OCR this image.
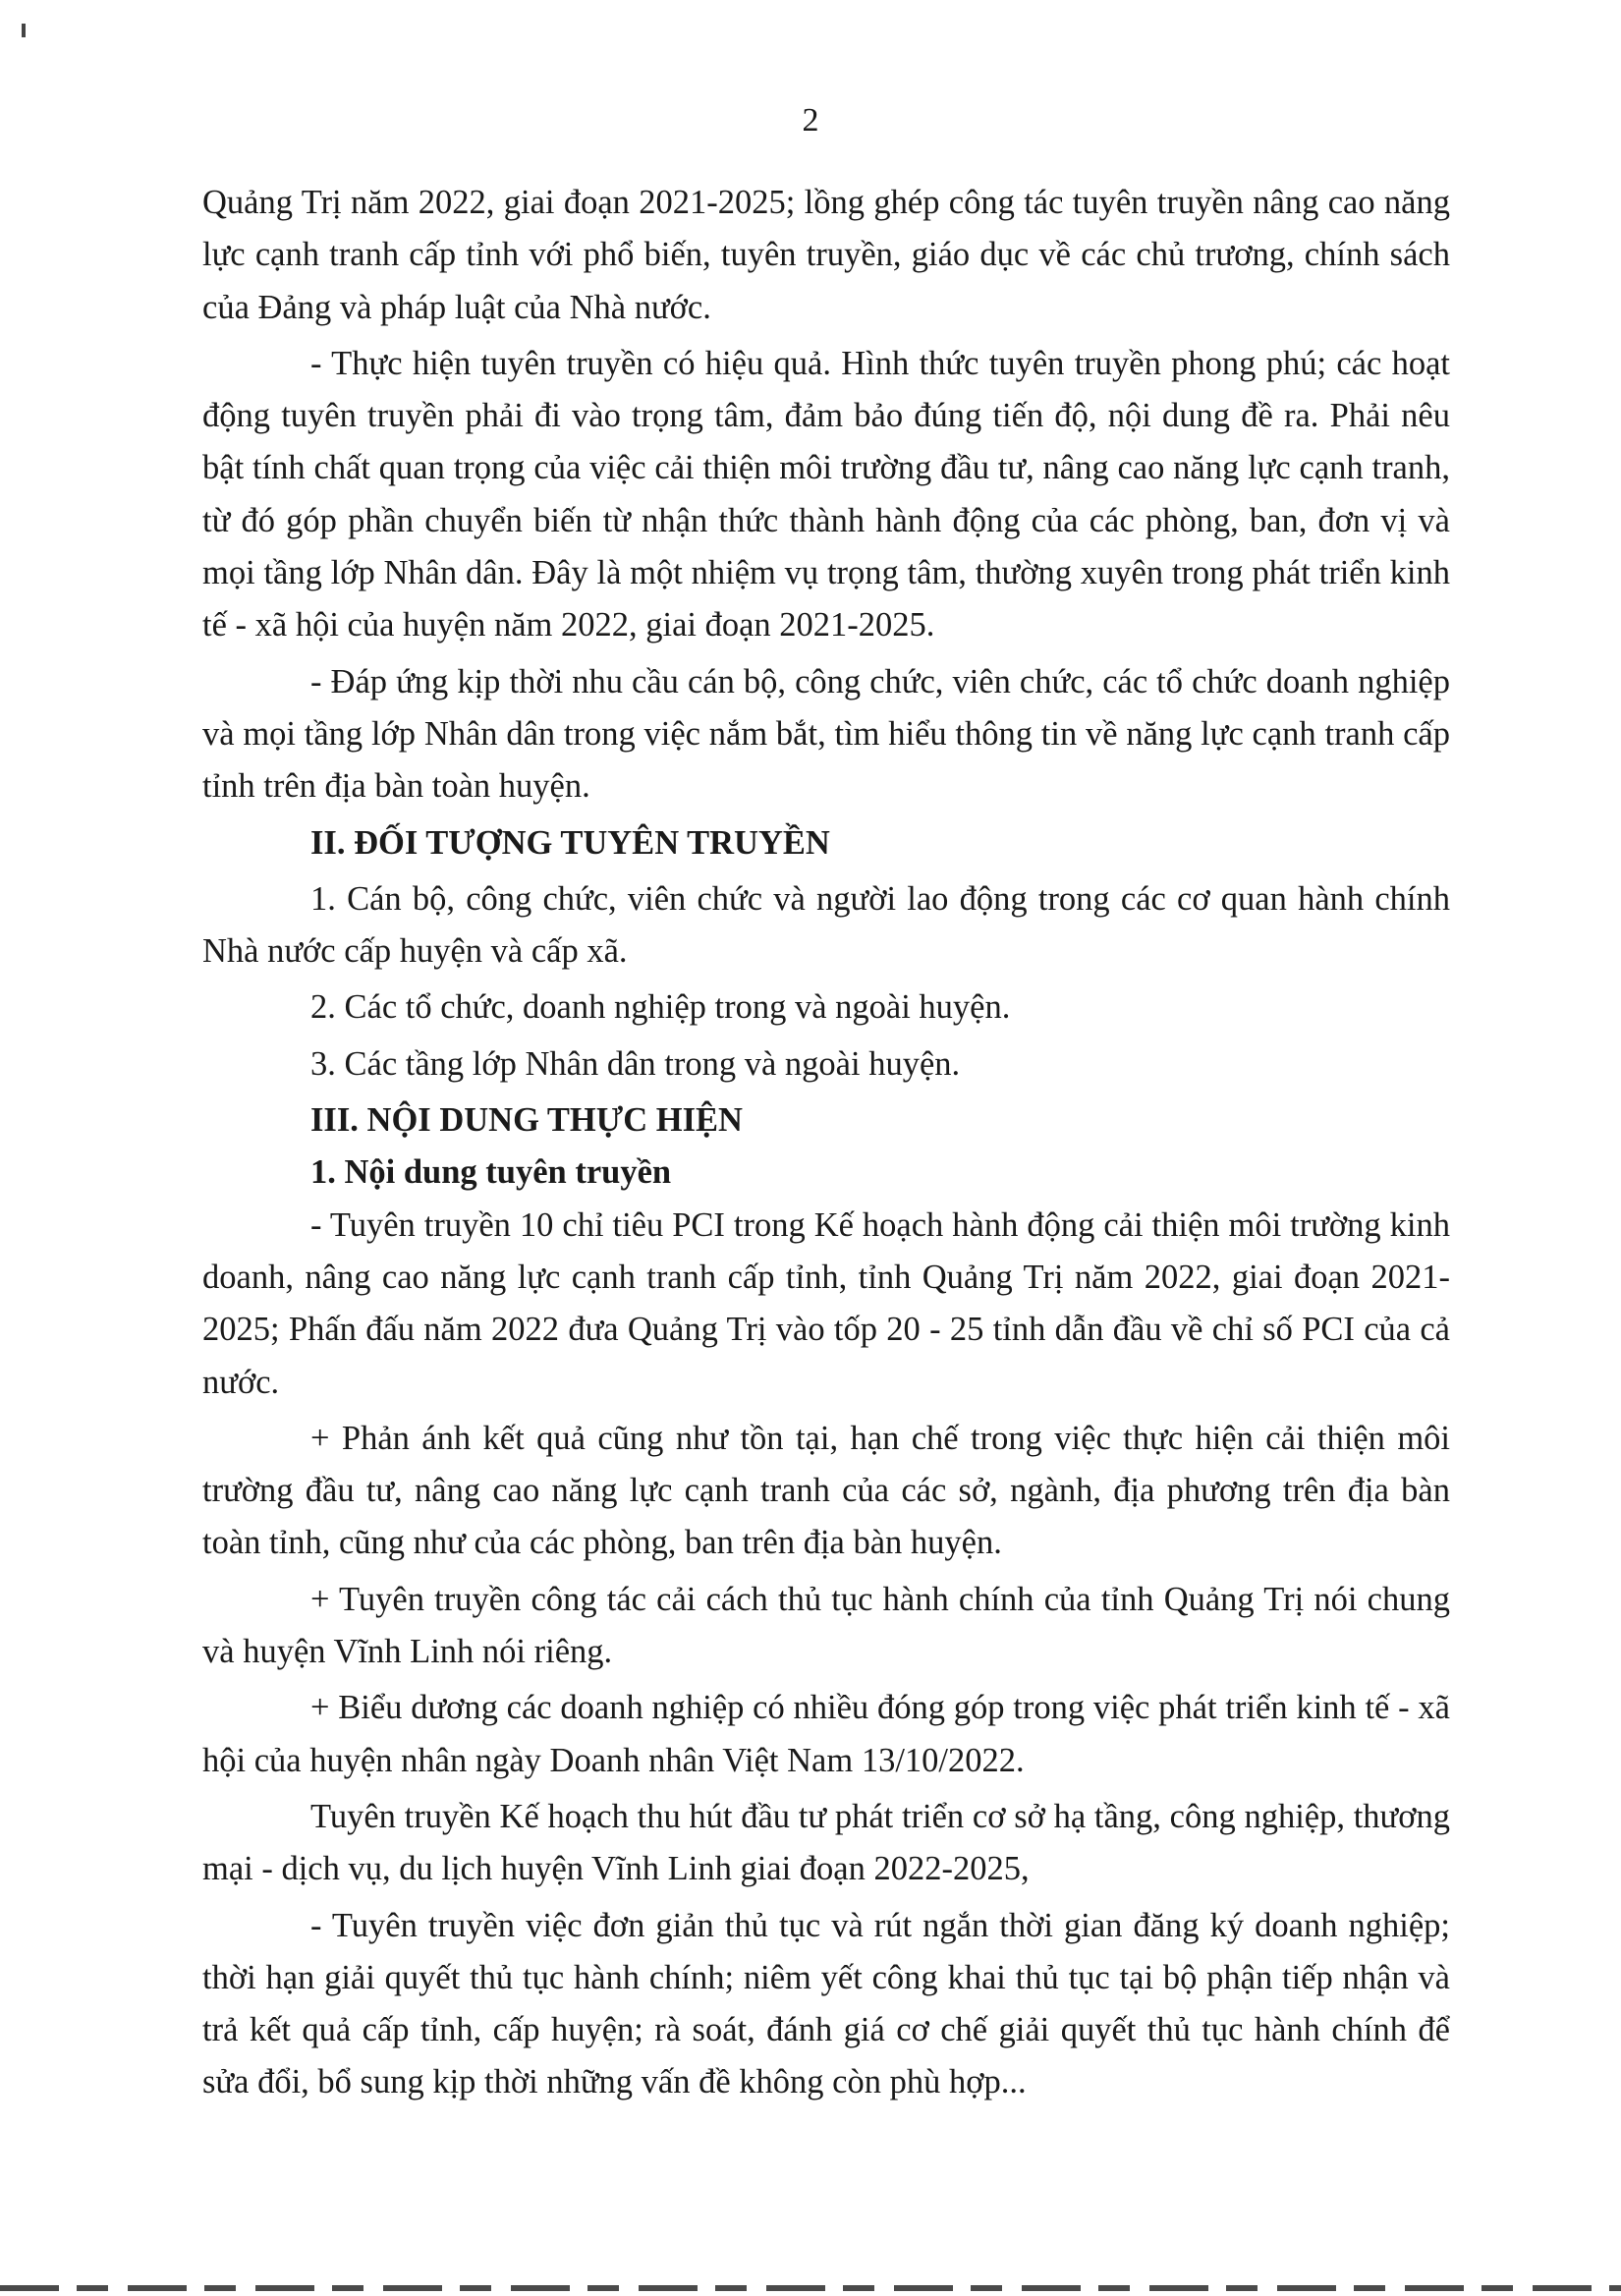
2

Quảng Trị năm 2022, giai đoạn 2021-2025; lồng ghép công tác tuyên truyền nâng cao năng lực cạnh tranh cấp tỉnh với phổ biến, tuyên truyền, giáo dục về các chủ trương, chính sách của Đảng và pháp luật của Nhà nước.

- Thực hiện tuyên truyền có hiệu quả. Hình thức tuyên truyền phong phú; các hoạt động tuyên truyền phải đi vào trọng tâm, đảm bảo đúng tiến độ, nội dung đề ra. Phải nêu bật tính chất quan trọng của việc cải thiện môi trường đầu tư, nâng cao năng lực cạnh tranh, từ đó góp phần chuyển biến từ nhận thức thành hành động của các phòng, ban, đơn vị và mọi tầng lớp Nhân dân. Đây là một nhiệm vụ trọng tâm, thường xuyên trong phát triển kinh tế - xã hội của huyện năm 2022, giai đoạn 2021-2025.

- Đáp ứng kịp thời nhu cầu cán bộ, công chức, viên chức, các tổ chức doanh nghiệp và mọi tầng lớp Nhân dân trong việc nắm bắt, tìm hiểu thông tin về năng lực cạnh tranh cấp tỉnh trên địa bàn toàn huyện.

II. ĐỐI TƯỢNG TUYÊN TRUYỀN

1. Cán bộ, công chức, viên chức và người lao động trong các cơ quan hành chính Nhà nước cấp huyện và cấp xã.

2. Các tổ chức, doanh nghiệp trong và ngoài huyện.

3. Các tầng lớp Nhân dân trong và ngoài huyện.

III. NỘI DUNG THỰC HIỆN

1. Nội dung tuyên truyền

- Tuyên truyền 10 chỉ tiêu PCI trong Kế hoạch hành động cải thiện môi trường kinh doanh, nâng cao năng lực cạnh tranh cấp tỉnh, tỉnh Quảng Trị năm 2022, giai đoạn 2021-2025; Phấn đấu năm 2022 đưa Quảng Trị vào tốp 20 - 25 tỉnh dẫn đầu về chỉ số PCI của cả nước.

+ Phản ánh kết quả cũng như tồn tại, hạn chế trong việc thực hiện cải thiện môi trường đầu tư, nâng cao năng lực cạnh tranh của các sở, ngành, địa phương trên địa bàn toàn tỉnh, cũng như của các phòng, ban trên địa bàn huyện.

+ Tuyên truyền công tác cải cách thủ tục hành chính của tỉnh Quảng Trị nói chung và huyện Vĩnh Linh nói riêng.

+ Biểu dương các doanh nghiệp có nhiều đóng góp trong việc phát triển kinh tế - xã hội của huyện nhân ngày Doanh nhân Việt Nam 13/10/2022.

Tuyên truyền Kế hoạch thu hút đầu tư phát triển cơ sở hạ tầng, công nghiệp, thương mại - dịch vụ, du lịch huyện Vĩnh Linh giai đoạn 2022-2025,

- Tuyên truyền việc đơn giản thủ tục và rút ngắn thời gian đăng ký doanh nghiệp; thời hạn giải quyết thủ tục hành chính; niêm yết công khai thủ tục tại bộ phận tiếp nhận và trả kết quả cấp tỉnh, cấp huyện; rà soát, đánh giá cơ chế giải quyết thủ tục hành chính để sửa đổi, bổ sung kịp thời những vấn đề không còn phù hợp...
